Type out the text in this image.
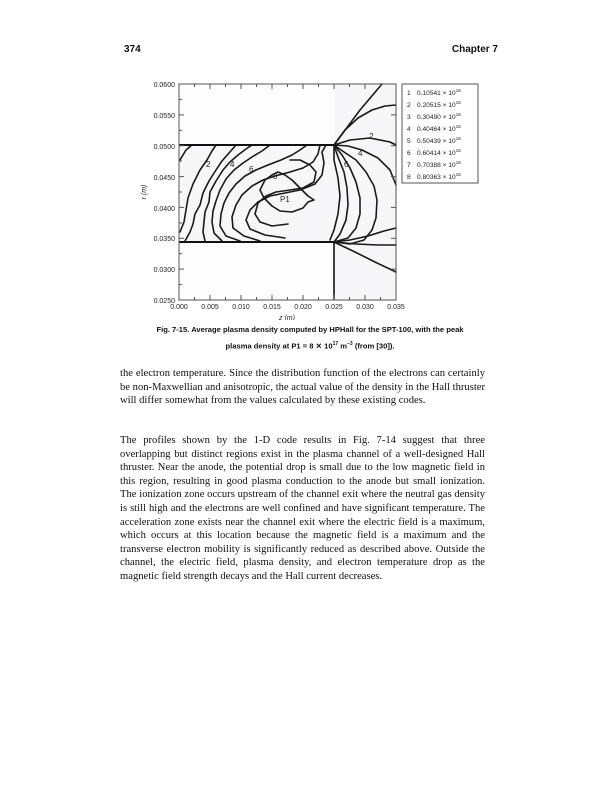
374	Chapter 7
2 4
6
8
2
4
6
P1
0.0600
0.0550
0.0500
0.0450
0.0400
0.0350
0.0300
0.0250
0.000 0.005 0.010 0.015 0.020 0.025 0.030 0.035
z (m)
r (m)
1 $0.10541 \times 10^{18}$
2 $0.20515 \times 10^{18}$
3 $0.30490 \times 10^{18}$
4 $0.40464 \times 10^{18}$
5 $0.50439 \times 10^{18}$
6 $0.60414 \times 10^{18}$
7 $0.70388 \times 10^{18}$
8 $0.80363 \times 10^{18}$
Fig. 7-15. Average plasma density computed by HPHall for the SPT-100, with the peak
plasma density at P1 = 8 ✕ $10^{17}$ $m^{-3}$ (from [30]).

the electron temperature. Since the distribution function of the electrons can certainly be non-Maxwellian and anisotropic, the actual value of the density in the Hall thruster will differ somewhat from the values calculated by these existing codes.

The profiles shown by the 1-D code results in Fig. 7-14 suggest that three overlapping but distinct regions exist in the plasma channel of a well-designed Hall thruster. Near the anode, the potential drop is small due to the low magnetic field in this region, resulting in good plasma conduction to the anode but small ionization. The ionization zone occurs upstream of the channel exit where the neutral gas density is still high and the electrons are well confined and have significant temperature. The acceleration zone exists near the channel exit where the electric field is a maximum, which occurs at this location because the magnetic field is a maximum and the transverse electron mobility is significantly reduced as described above. Outside the channel, the electric field, plasma density, and electron temperature drop as the magnetic field strength decays and the Hall current decreases.
